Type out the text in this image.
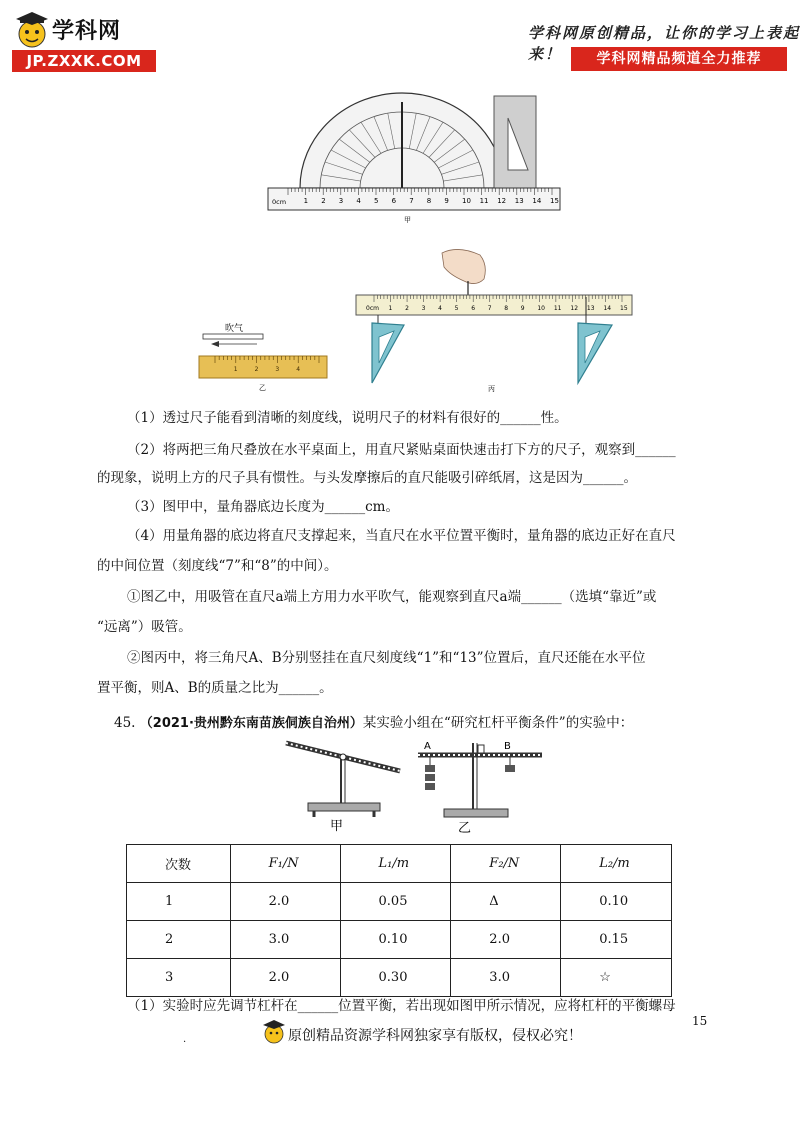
学科网
JP.ZXXK.COM
学科网原创精品，让你的学习上表起来！	学科网精品频道全力推荐
0cm	1 2 3 4 5 6 7 8 9 10 11 12 13 14 15
甲
1 2 3 4 5 6 7 8 9 10 11 12 13 14 15
0cm
丙
吹气
1	2	3	4
乙
（1）透过尺子能看到清晰的刻度线，说明尺子的材料有很好的______性。
（2）将两把三角尺叠放在水平桌面上，用直尺紧贴桌面快速击打下方的尺子，观察到______
的现象，说明上方的尺子具有惯性。与头发摩擦后的直尺能吸引碎纸屑，这是因为______。
（3）图甲中，量角器底边长度为______cm。
（4）用量角器的底边将直尺支撑起来，当直尺在水平位置平衡时，量角器的底边正好在直尺
的中间位置（刻度线“7”和“8”的中间）。
①图乙中，用吸管在直尺a端上方用力水平吹气，能观察到直尺a端______（选填“靠近”或
“远离”）吸管。
②图丙中，将三角尺A、B分别竖挂在直尺刻度线“1”和“13”位置后，直尺还能在水平位
置平衡，则A、B的质量之比为______。
45. （2021·贵州黔东南苗族侗族自治州）某实验小组在“研究杠杆平衡条件”的实验中：
甲
A	B
乙
次数	F₁/N	L₁/m	F₂/N	L₂/m
1	2.0	0.05	Δ	0.10
2	3.0	0.10	2.0	0.15
3	2.0	0.30	3.0	☆
（1）实验时应先调节杠杆在______位置平衡，若出现如图甲所示情况，应将杠杆的平衡螺母
15
.	原创精品资源学科网独家享有版权，侵权必究！
